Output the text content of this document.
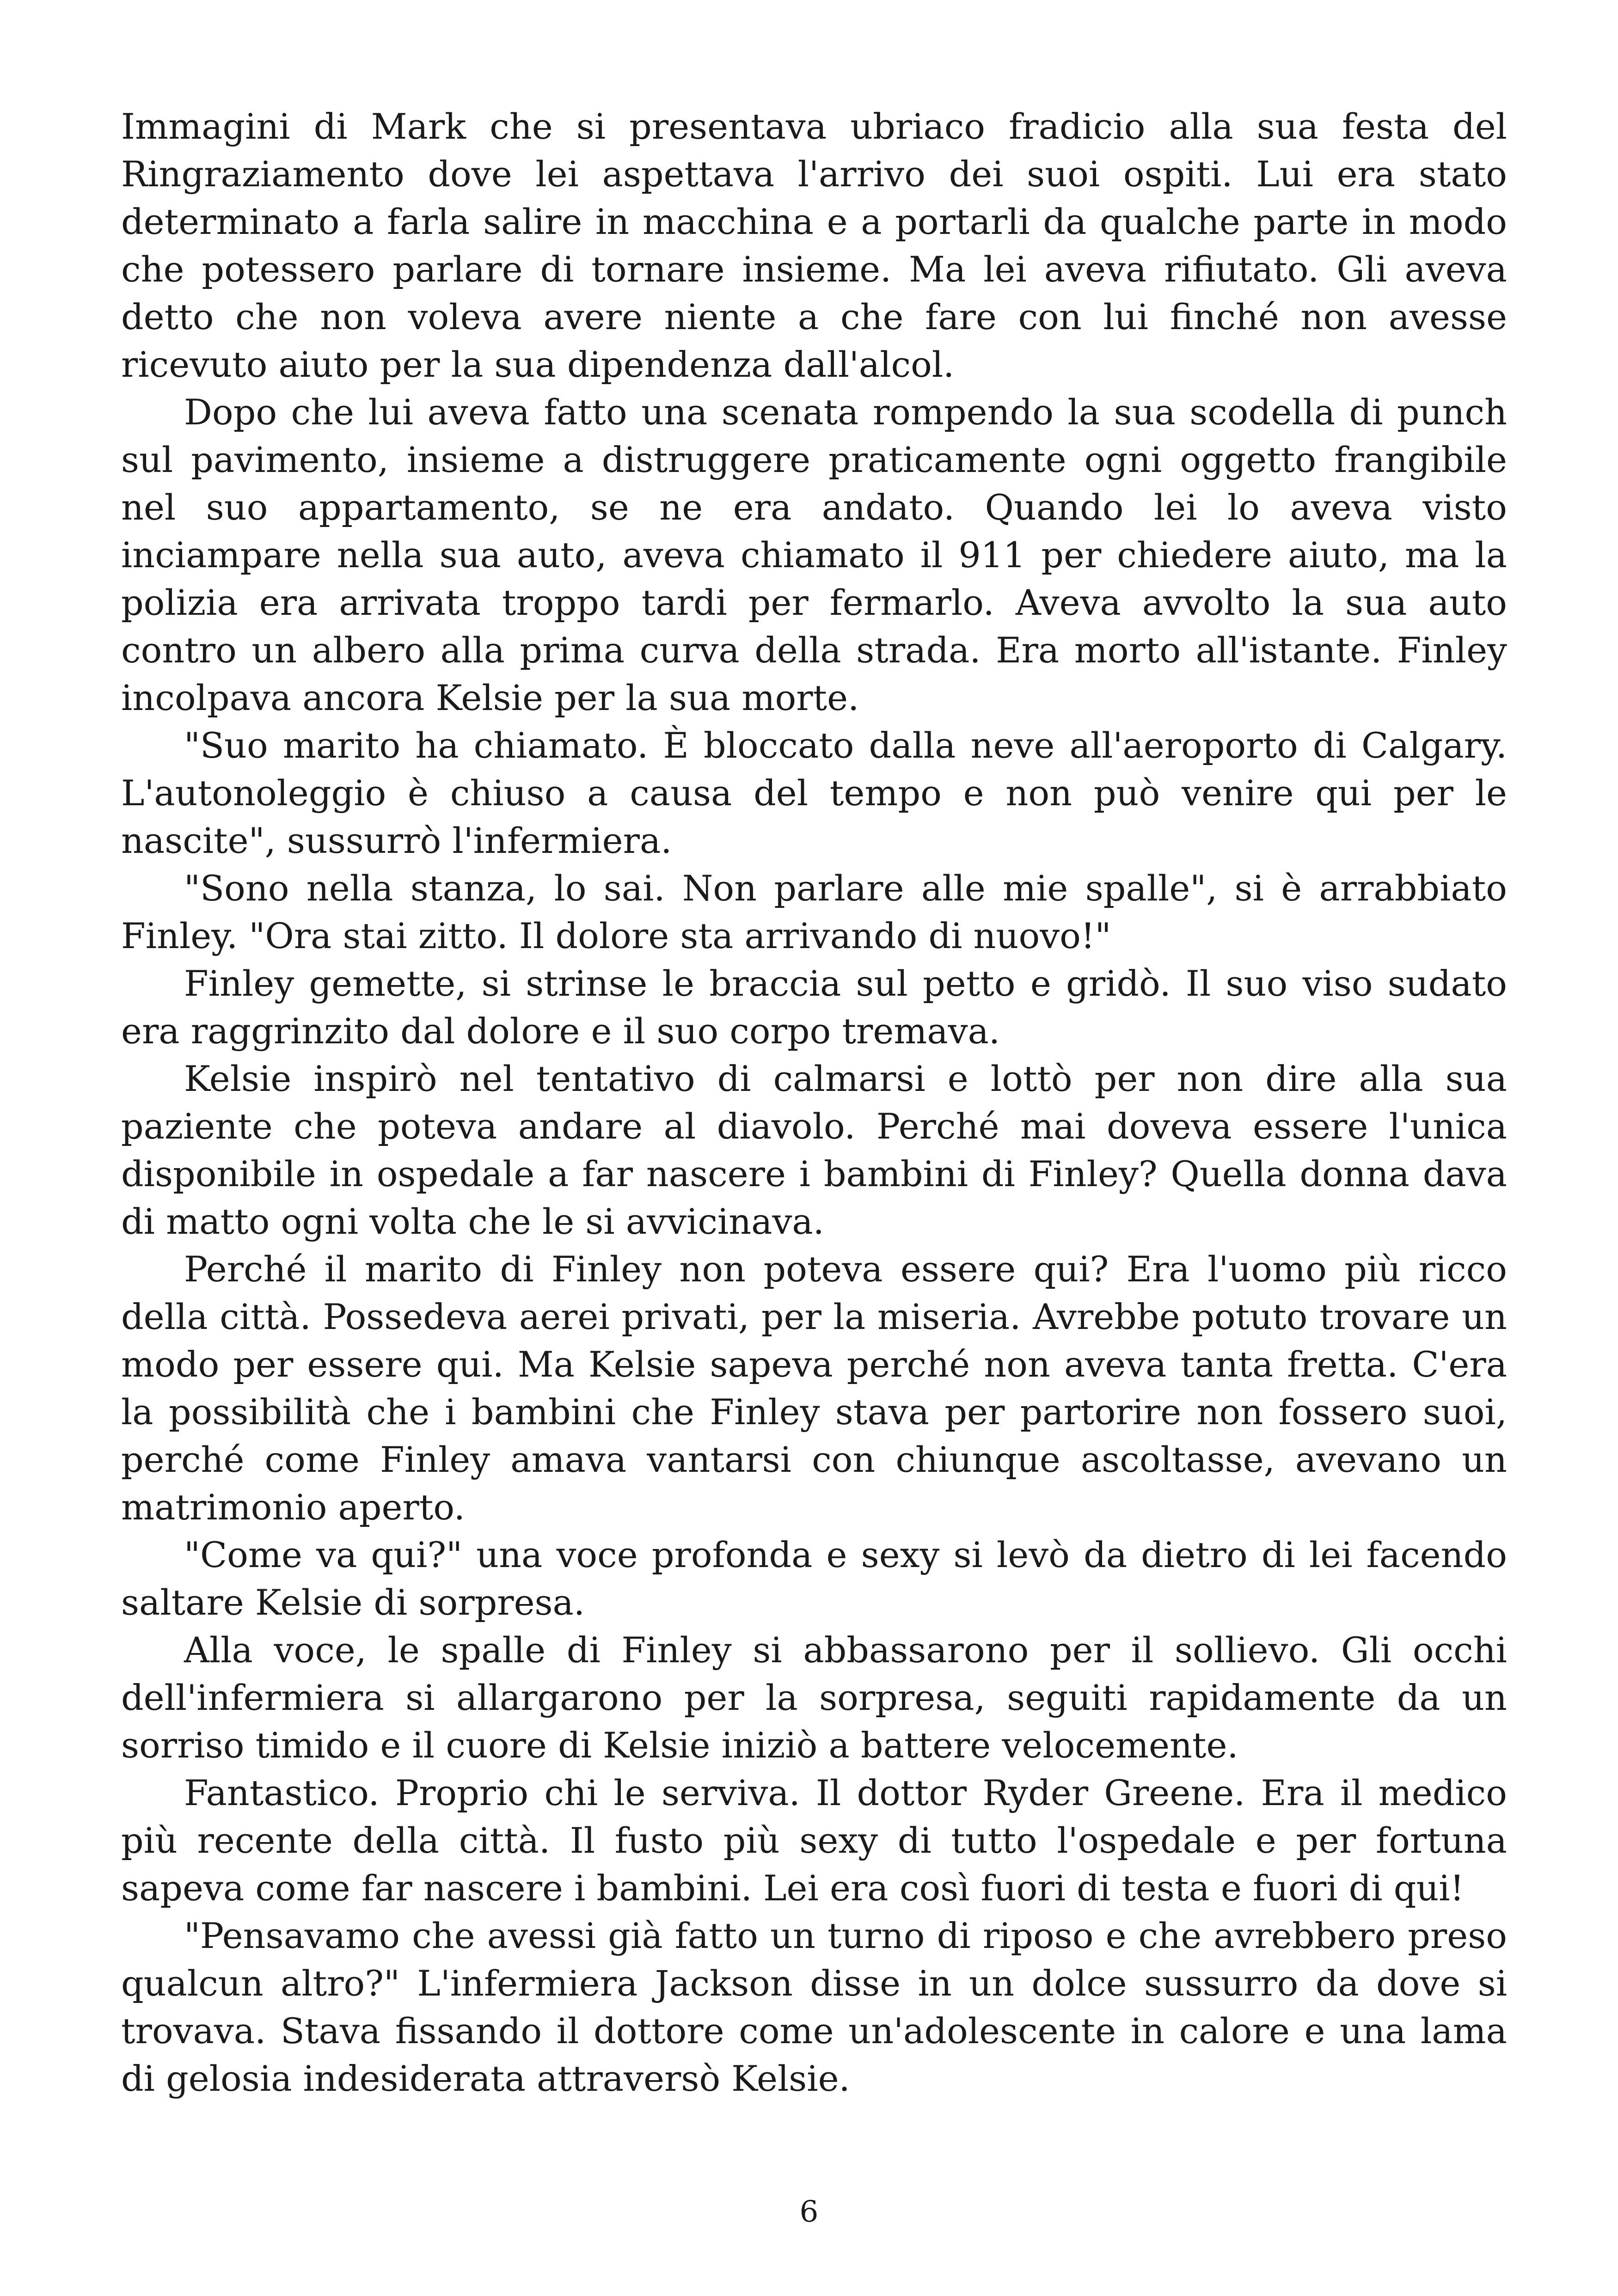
Immagini di Mark che si presentava ubriaco fradicio alla sua festa del Ringraziamento dove lei aspettava l'arrivo dei suoi ospiti. Lui era stato determinato a farla salire in macchina e a portarli da qualche parte in modo che potessero parlare di tornare insieme. Ma lei aveva rifiutato. Gli aveva detto che non voleva avere niente a che fare con lui finché non avesse ricevuto aiuto per la sua dipendenza dall'alcol.

Dopo che lui aveva fatto una scenata rompendo la sua scodella di punch sul pavimento, insieme a distruggere praticamente ogni oggetto frangibile nel suo appartamento, se ne era andato. Quando lei lo aveva visto inciampare nella sua auto, aveva chiamato il 911 per chiedere aiuto, ma la polizia era arrivata troppo tardi per fermarlo. Aveva avvolto la sua auto contro un albero alla prima curva della strada. Era morto all'istante. Finley incolpava ancora Kelsie per la sua morte.

"Suo marito ha chiamato. È bloccato dalla neve all'aeroporto di Calgary. L'autonoleggio è chiuso a causa del tempo e non può venire qui per le nascite", sussurrò l'infermiera.

"Sono nella stanza, lo sai. Non parlare alle mie spalle", si è arrabbiato Finley. "Ora stai zitto. Il dolore sta arrivando di nuovo!"

Finley gemette, si strinse le braccia sul petto e gridò. Il suo viso sudato era raggrinzito dal dolore e il suo corpo tremava.

Kelsie inspirò nel tentativo di calmarsi e lottò per non dire alla sua paziente che poteva andare al diavolo. Perché mai doveva essere l'unica disponibile in ospedale a far nascere i bambini di Finley? Quella donna dava di matto ogni volta che le si avvicinava.

Perché il marito di Finley non poteva essere qui? Era l'uomo più ricco della città. Possedeva aerei privati, per la miseria. Avrebbe potuto trovare un modo per essere qui. Ma Kelsie sapeva perché non aveva tanta fretta. C'era la possibilità che i bambini che Finley stava per partorire non fossero suoi, perché come Finley amava vantarsi con chiunque ascoltasse, avevano un matrimonio aperto.

"Come va qui?" una voce profonda e sexy si levò da dietro di lei facendo saltare Kelsie di sorpresa.

Alla voce, le spalle di Finley si abbassarono per il sollievo. Gli occhi dell'infermiera si allargarono per la sorpresa, seguiti rapidamente da un sorriso timido e il cuore di Kelsie iniziò a battere velocemente.

Fantastico. Proprio chi le serviva. Il dottor Ryder Greene. Era il medico più recente della città. Il fusto più sexy di tutto l'ospedale e per fortuna sapeva come far nascere i bambini. Lei era così fuori di testa e fuori di qui!

"Pensavamo che avessi già fatto un turno di riposo e che avrebbero preso qualcun altro?" L'infermiera Jackson disse in un dolce sussurro da dove si trovava. Stava fissando il dottore come un'adolescente in calore e una lama di gelosia indesiderata attraversò Kelsie.

6
